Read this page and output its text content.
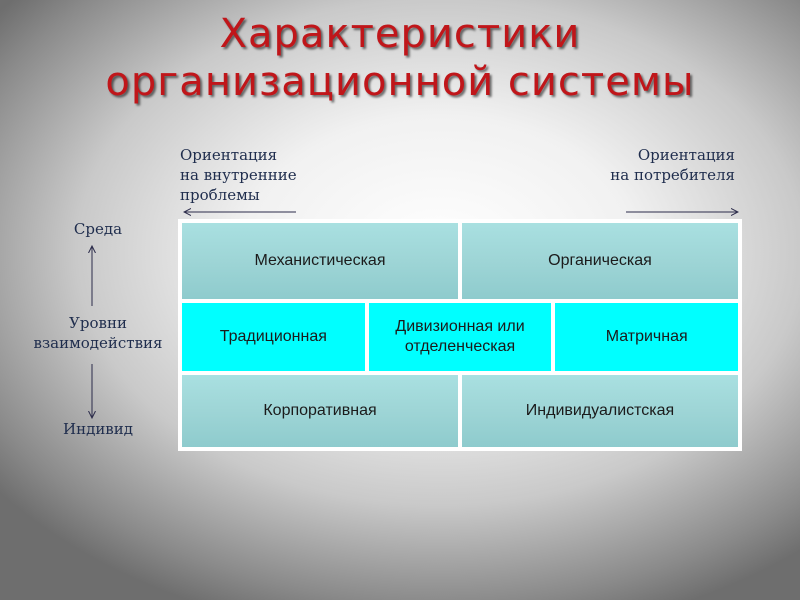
Характеристики
организационной системы
Ориентация
на внутренние
проблемы
Ориентация
на потребителя
Среда
Уровни
взаимодействия
Индивид
Механистическая	Органическая
Традиционная
Дивизионная или отделенческая
Матричная
Корпоративная	Индивидуалистская
